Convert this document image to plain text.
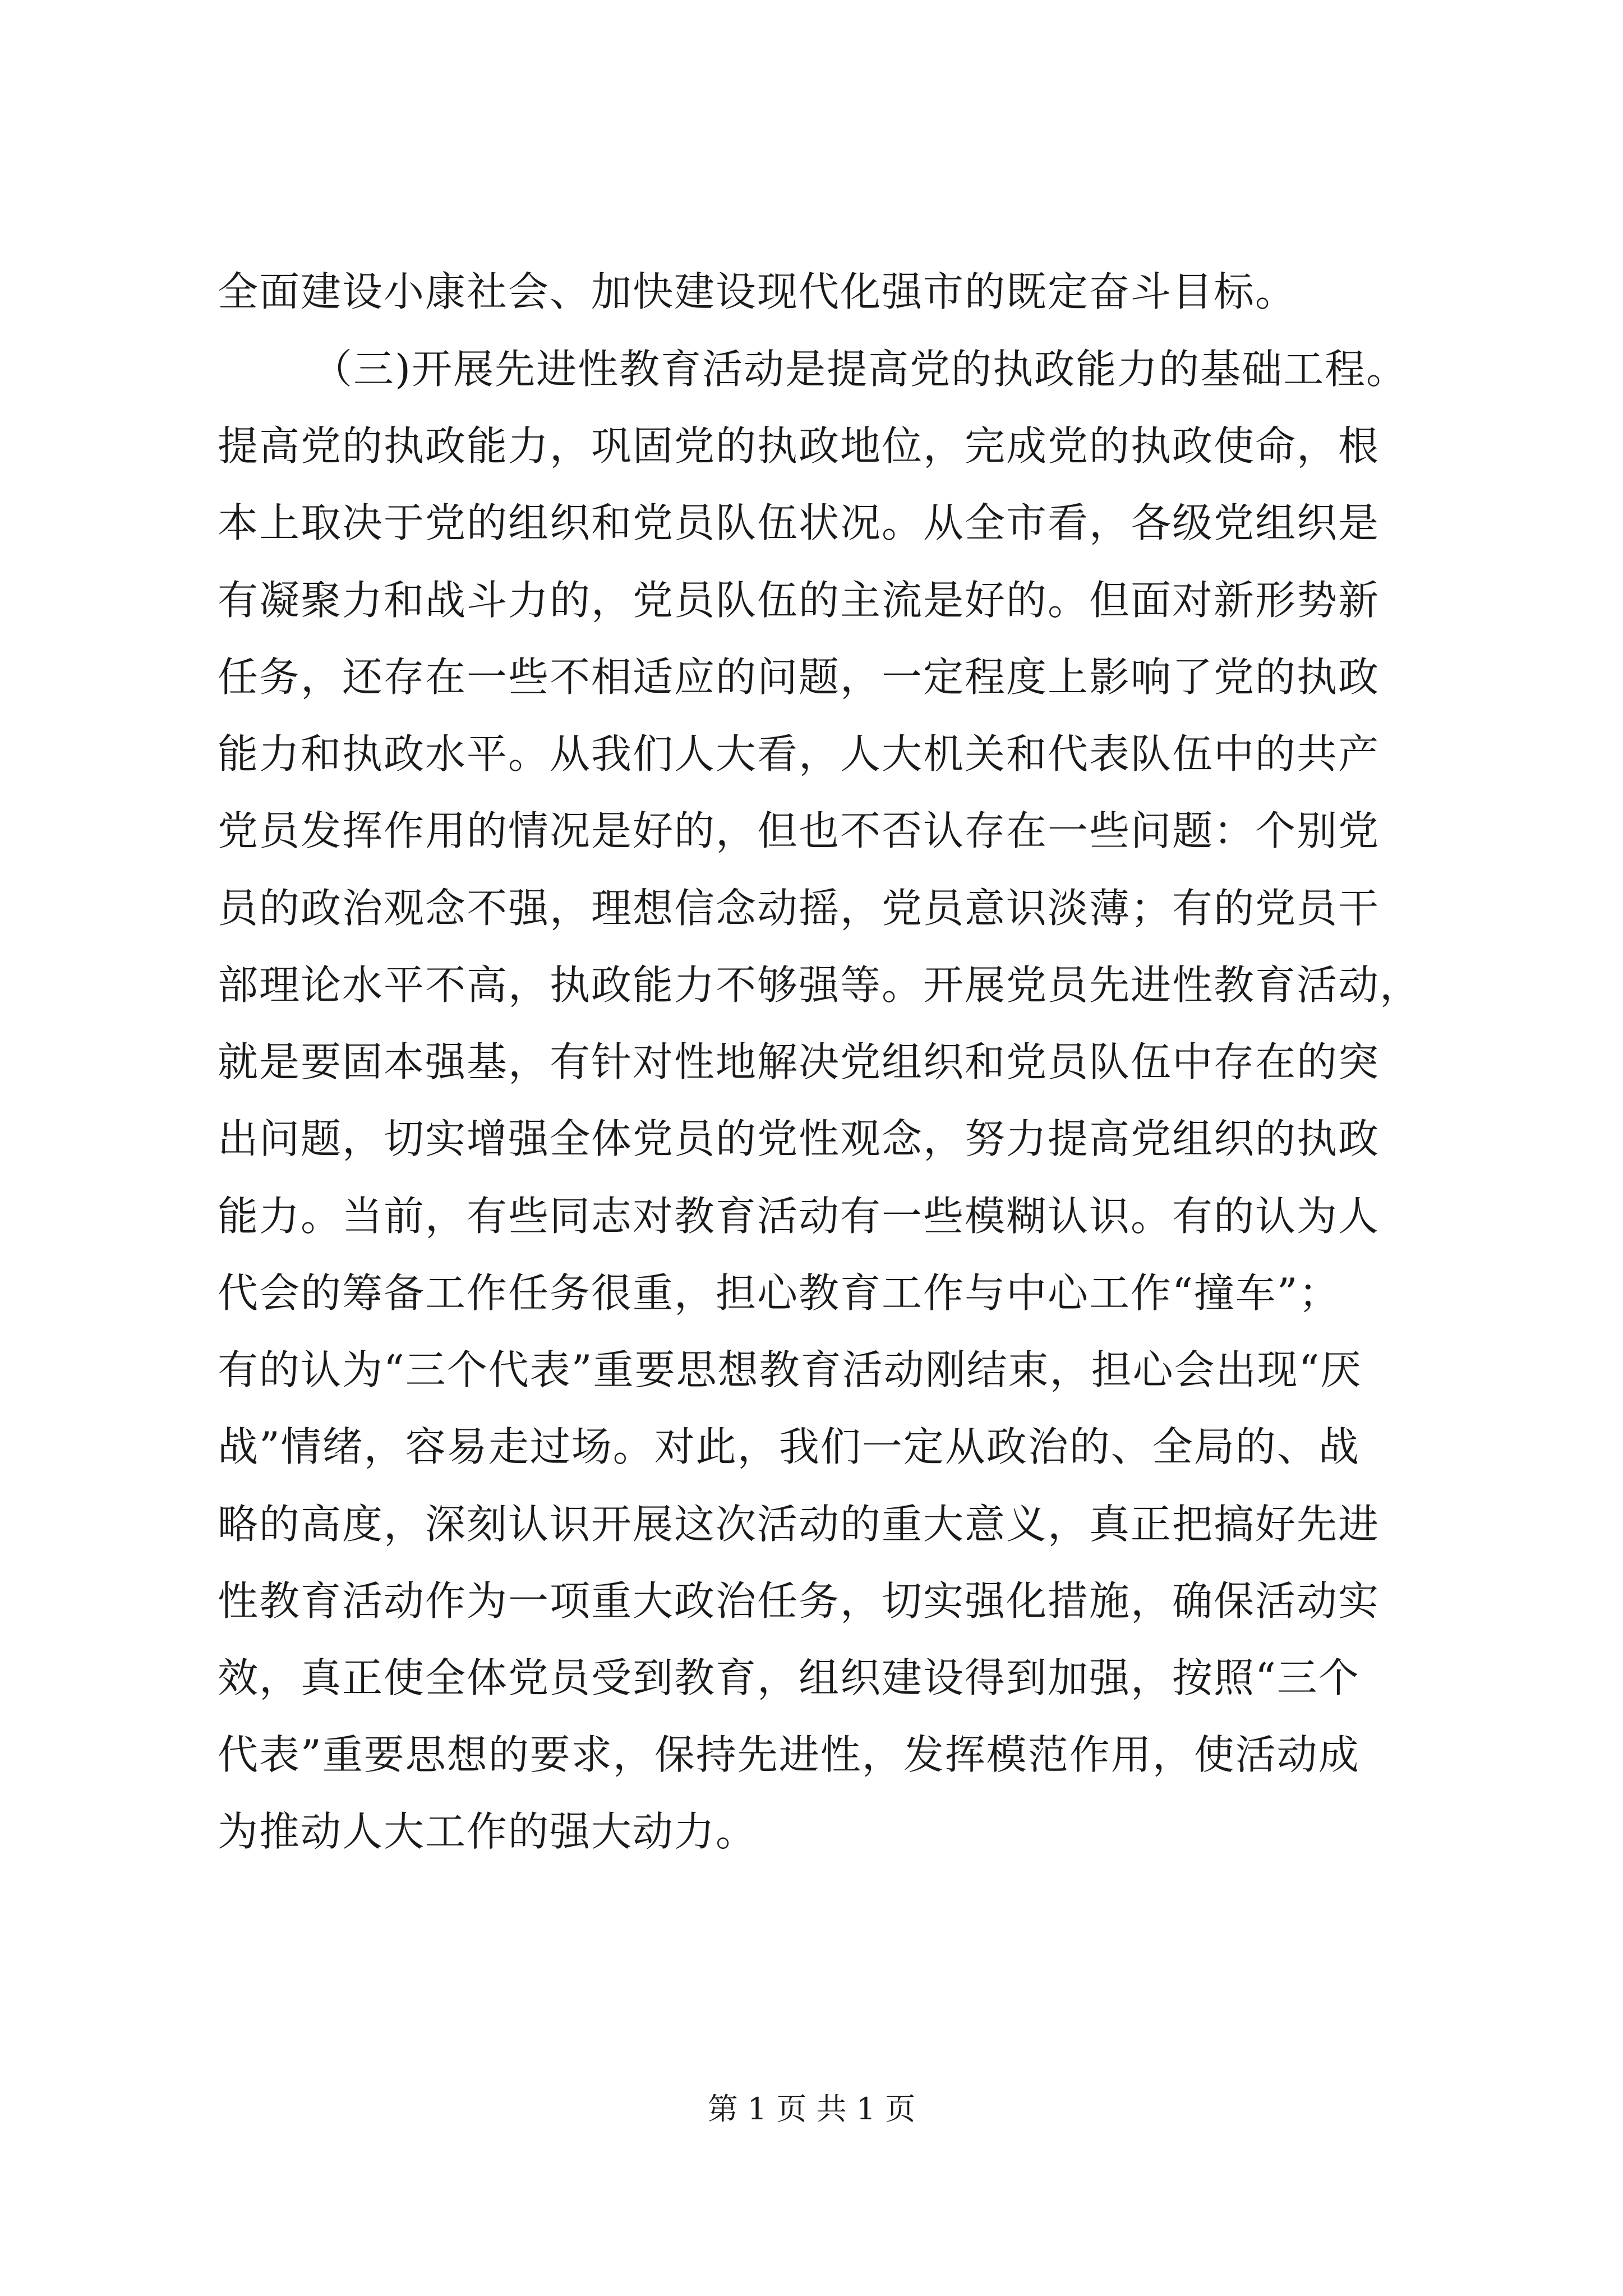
全面建设小康社会、加快建设现代化强市的既定奋斗目标。
（三)开展先进性教育活动是提高党的执政能力的基础工程。
提高党的执政能力，巩固党的执政地位，完成党的执政使命，根
本上取决于党的组织和党员队伍状况。从全市看，各级党组织是
有凝聚力和战斗力的，党员队伍的主流是好的。但面对新形势新
任务，还存在一些不相适应的问题，一定程度上影响了党的执政
能力和执政水平。从我们人大看，人大机关和代表队伍中的共产
党员发挥作用的情况是好的，但也不否认存在一些问题：个别党
员的政治观念不强，理想信念动摇，党员意识淡薄；有的党员干
部理论水平不高，执政能力不够强等。开展党员先进性教育活动，
就是要固本强基，有针对性地解决党组织和党员队伍中存在的突
出问题，切实增强全体党员的党性观念，努力提高党组织的执政
能力。当前，有些同志对教育活动有一些模糊认识。有的认为人
代会的筹备工作任务很重，担心教育工作与中心工作“撞车”；
有的认为“三个代表”重要思想教育活动刚结束，担心会出现“厌
战”情绪，容易走过场。对此，我们一定从政治的、全局的、战
略的高度，深刻认识开展这次活动的重大意义，真正把搞好先进
性教育活动作为一项重大政治任务，切实强化措施，确保活动实
效，真正使全体党员受到教育，组织建设得到加强，按照“三个
代表”重要思想的要求，保持先进性，发挥模范作用，使活动成
为推动人大工作的强大动力。
第 1 页 共 1 页
